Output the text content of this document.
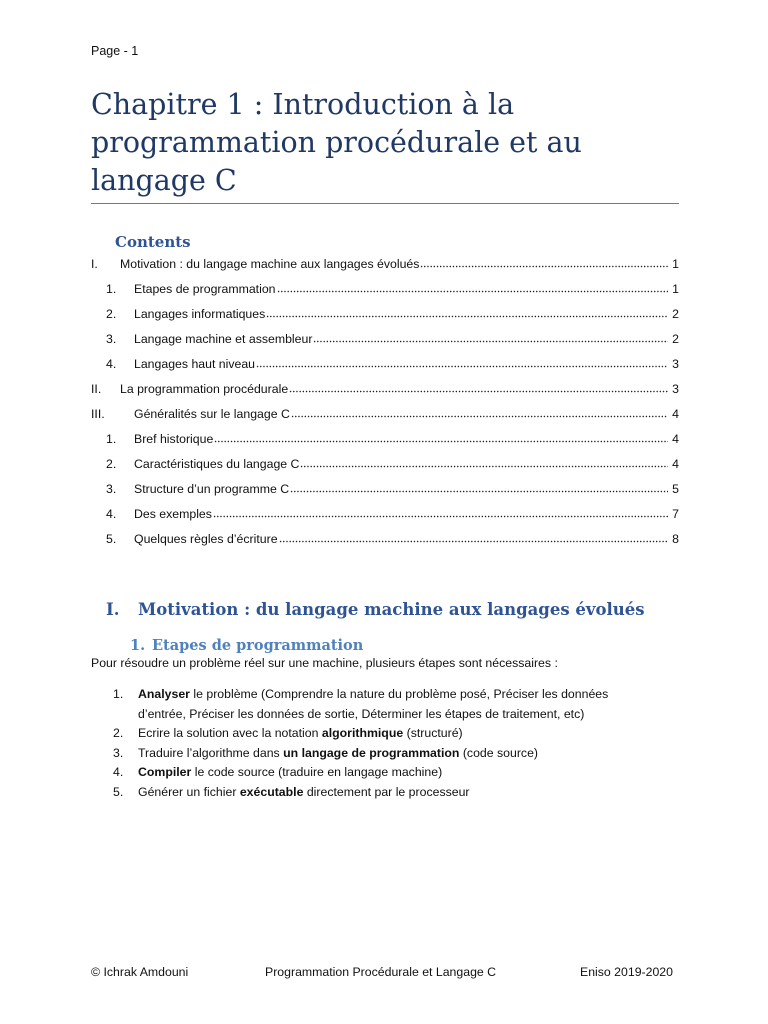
Page - 1
Chapitre 1 : Introduction à la programmation procédurale et au langage C
Contents
I.	Motivation : du langage machine aux langages évolués	1
1.	Etapes de programmation	1
2.	Langages informatiques	2
3.	Langage machine et assembleur	2
4.	Langages haut niveau	3
II.	La programmation procédurale	3
III.	Généralités sur le langage C	4
1.	Bref historique	4
2.	Caractéristiques du langage C	4
3.	Structure d’un programme C	5
4.	Des exemples	7
5.	Quelques règles d’écriture	8
I. Motivation : du langage machine aux langages évolués
1. Etapes de programmation

Pour résoudre un problème réel sur une machine, plusieurs étapes sont nécessaires :

1.	Analyser le problème (Comprendre la nature du problème posé, Préciser les données d’entrée, Préciser les données de sortie, Déterminer les étapes de traitement, etc)
2.	Ecrire la solution avec la notation algorithmique (structuré)
3.	Traduire l’algorithme dans un langage de programmation (code source)
4.	Compiler le code source (traduire en langage machine)
5.	Générer un fichier exécutable directement par le processeur
© Ichrak Amdouni	Programmation Procédurale et Langage C	Eniso 2019-2020
